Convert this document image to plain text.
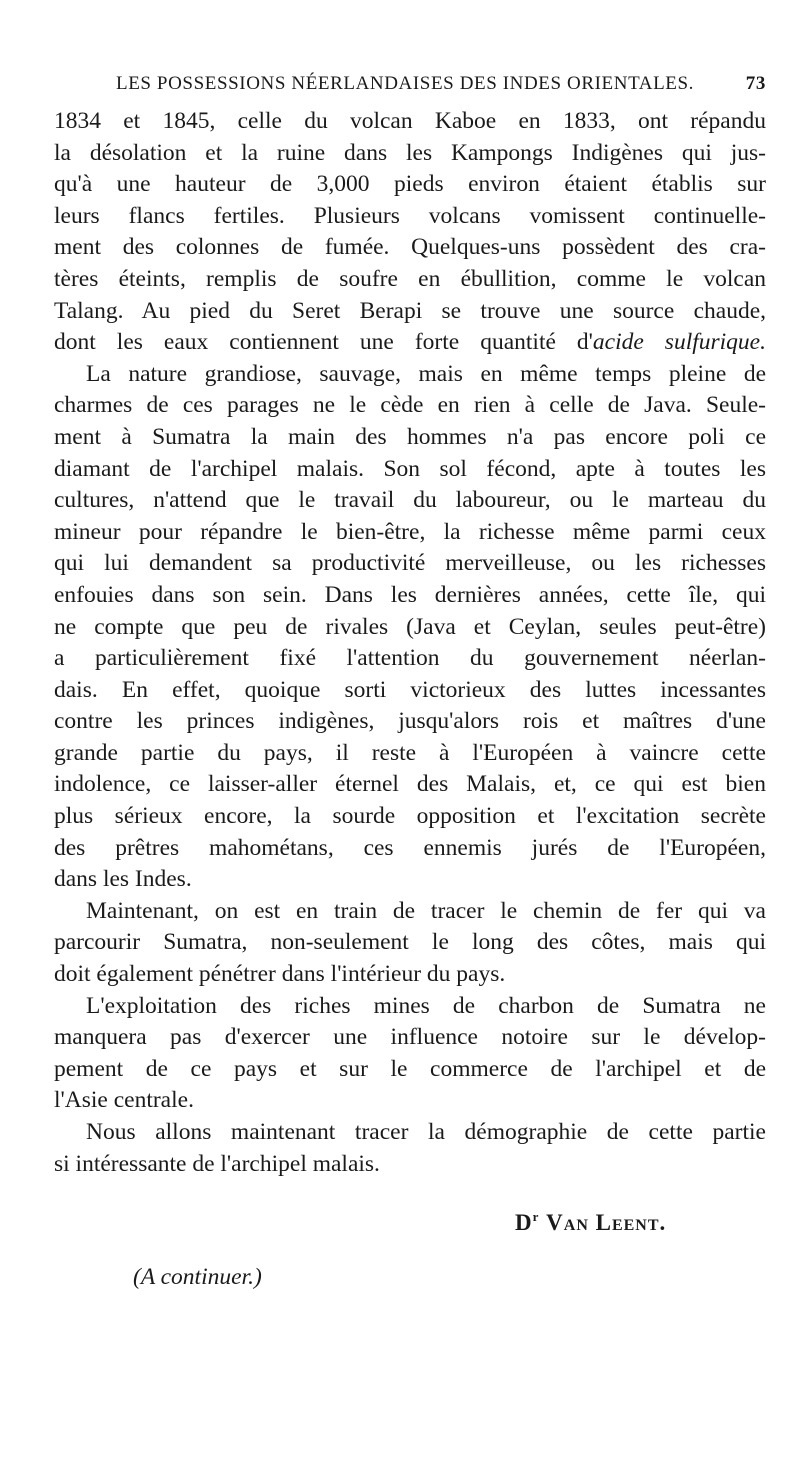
LES POSSESSIONS NÉERLANDAISES DES INDES ORIENTALES.	73
1834 et 1845, celle du volcan Kaboe en 1833, ont répandu
la désolation et la ruine dans les Kampongs Indigènes qui jus-
qu'à une hauteur de 3,000 pieds environ étaient établis sur
leurs flancs fertiles. Plusieurs volcans vomissent continuelle-
ment des colonnes de fumée. Quelques-uns possèdent des cra-
tères éteints, remplis de soufre en ébullition, comme le volcan
Talang. Au pied du Seret Berapi se trouve une source chaude,
dont les eaux contiennent une forte quantité d'acide sulfurique.
La nature grandiose, sauvage, mais en même temps pleine de
charmes de ces parages ne le cède en rien à celle de Java. Seule-
ment à Sumatra la main des hommes n'a pas encore poli ce
diamant de l'archipel malais. Son sol fécond, apte à toutes les
cultures, n'attend que le travail du laboureur, ou le marteau du
mineur pour répandre le bien-être, la richesse même parmi ceux
qui lui demandent sa productivité merveilleuse, ou les richesses
enfouies dans son sein. Dans les dernières années, cette île, qui
ne compte que peu de rivales (Java et Ceylan, seules peut-être)
a particulièrement fixé l'attention du gouvernement néerlan-
dais. En effet, quoique sorti victorieux des luttes incessantes
contre les princes indigènes, jusqu'alors rois et maîtres d'une
grande partie du pays, il reste à l'Européen à vaincre cette
indolence, ce laisser-aller éternel des Malais, et, ce qui est bien
plus sérieux encore, la sourde opposition et l'excitation secrète
des prêtres mahométans, ces ennemis jurés de l'Européen,
dans les Indes.
Maintenant, on est en train de tracer le chemin de fer qui va
parcourir Sumatra, non-seulement le long des côtes, mais qui
doit également pénétrer dans l'intérieur du pays.
L'exploitation des riches mines de charbon de Sumatra ne
manquera pas d'exercer une influence notoire sur le dévelop-
pement de ce pays et sur le commerce de l'archipel et de
l'Asie centrale.
Nous allons maintenant tracer la démographie de cette partie
si intéressante de l'archipel malais.
$D^r$ Van Leent.
(A continuer.)
